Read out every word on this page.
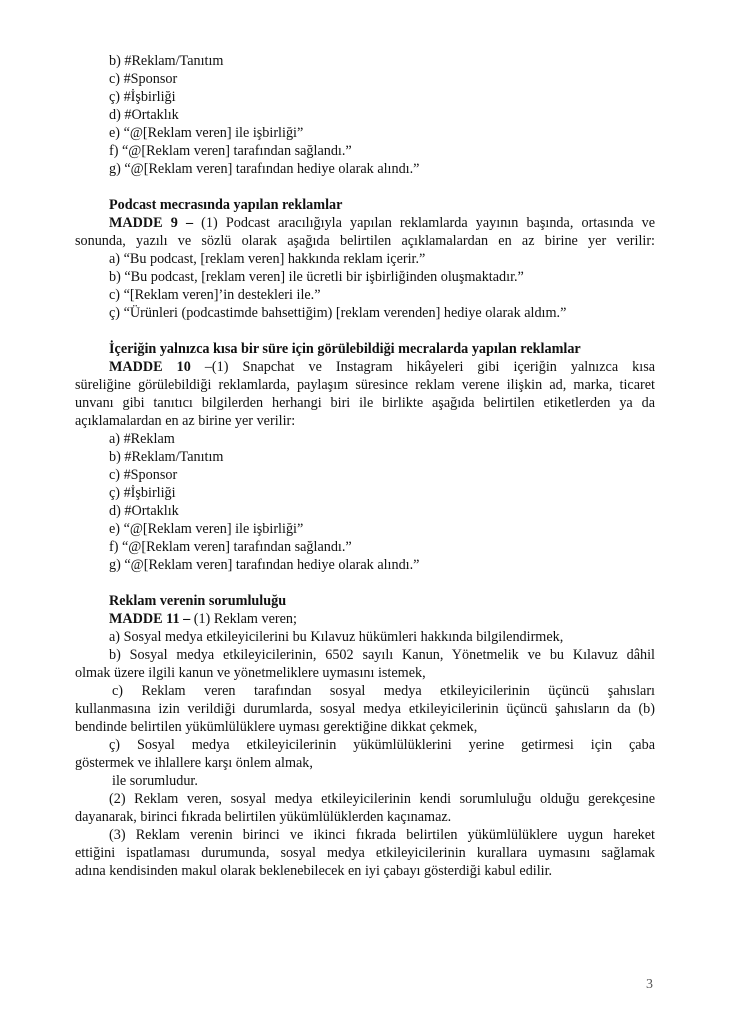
b) #Reklam/Tanıtım
c) #Sponsor
ç) #İşbirliği
d) #Ortaklık
e) “@[Reklam veren] ile işbirliği”
f) “@[Reklam veren] tarafından sağlandı.”
g) “@[Reklam veren] tarafından hediye olarak alındı.”
Podcast mecrasında yapılan reklamlar
MADDE 9 – (1) Podcast aracılığıyla yapılan reklamlarda yayının başında, ortasında ve
sonunda, yazılı ve sözlü olarak aşağıda belirtilen açıklamalardan en az birine yer verilir:
a) “Bu podcast, [reklam veren] hakkında reklam içerir.”
b) “Bu podcast, [reklam veren] ile ücretli bir işbirliğinden oluşmaktadır.”
c) “[Reklam veren]’in destekleri ile.”
ç) “Ürünleri (podcastimde bahsettiğim) [reklam verenden] hediye olarak aldım.”
İçeriğin yalnızca kısa bir süre için görülebildiği mecralarda yapılan reklamlar
MADDE 10 –(1) Snapchat ve Instagram hikâyeleri gibi içeriğin yalnızca kısa
süreliğine görülebildiği reklamlarda, paylaşım süresince reklam verene ilişkin ad, marka, ticaret
unvanı gibi tanıtıcı bilgilerden herhangi biri ile birlikte aşağıda belirtilen etiketlerden ya da
açıklamalardan en az birine yer verilir:
a) #Reklam
b) #Reklam/Tanıtım
c) #Sponsor
ç) #İşbirliği
d) #Ortaklık
e) “@[Reklam veren] ile işbirliği”
f) “@[Reklam veren] tarafından sağlandı.”
g) “@[Reklam veren] tarafından hediye olarak alındı.”
Reklam verenin sorumluluğu
MADDE 11 – (1) Reklam veren;
a) Sosyal medya etkileyicilerini bu Kılavuz hükümleri hakkında bilgilendirmek,
b) Sosyal medya etkileyicilerinin, 6502 sayılı Kanun, Yönetmelik ve bu Kılavuz dâhil
olmak üzere ilgili kanun ve yönetmeliklere uymasını istemek,
c) Reklam veren tarafından sosyal medya etkileyicilerinin üçüncü şahısları
kullanmasına izin verildiği durumlarda, sosyal medya etkileyicilerinin üçüncü şahısların da (b)
bendinde belirtilen yükümlülüklere uyması gerektiğine dikkat çekmek,
ç) Sosyal medya etkileyicilerinin yükümlülüklerini yerine getirmesi için çaba
göstermek ve ihlallere karşı önlem almak,
ile sorumludur.
(2) Reklam veren, sosyal medya etkileyicilerinin kendi sorumluluğu olduğu gerekçesine
dayanarak, birinci fıkrada belirtilen yükümlülüklerden kaçınamaz.
(3) Reklam verenin birinci ve ikinci fıkrada belirtilen yükümlülüklere uygun hareket
ettiğini ispatlaması durumunda, sosyal medya etkileyicilerinin kurallara uymasını sağlamak
adına kendisinden makul olarak beklenebilecek en iyi çabayı gösterdiği kabul edilir.
3
